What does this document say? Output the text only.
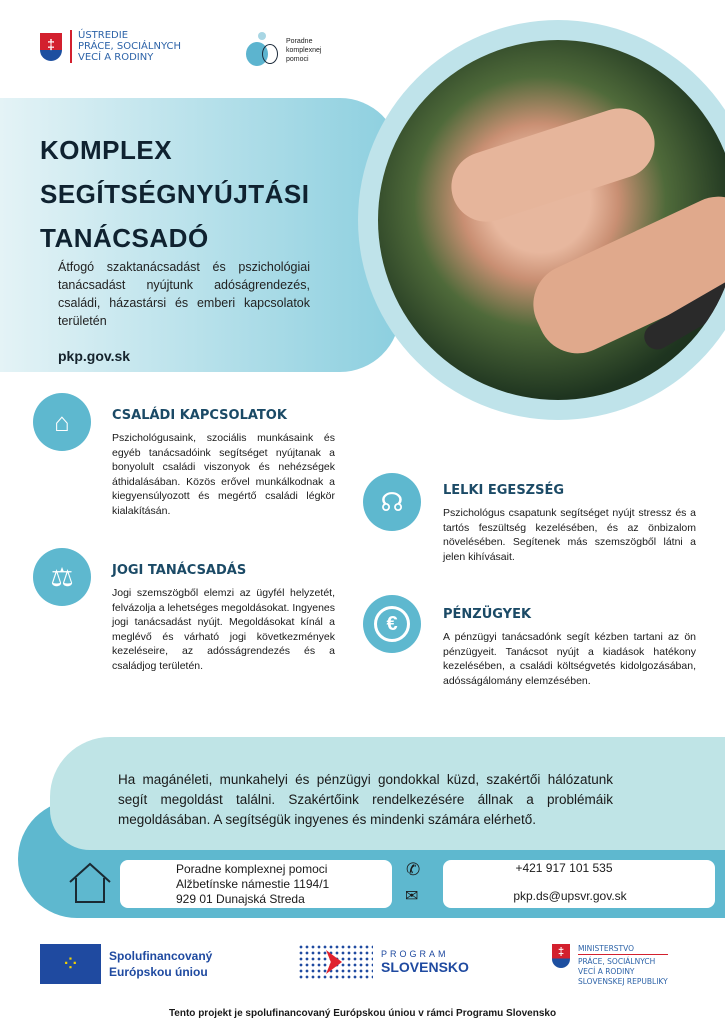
‡	ÚSTREDIE
PRÁCE, SOCIÁLNYCH
VECÍ A RODINY
Poradne
komplexnej
pomoci
KOMPLEX
SEGÍTSÉGNYÚJTÁSI
TANÁCSADÓ
Átfogó szaktanácsadást és pszichológiai tanácsadást nyújtunk adóságrendezés, családi, házastársi és emberi kapcsolatok területén
pkp.gov.sk
⌂	CSALÁDI KAPCSOLATOK

Pszichológusaink, szociális munkásaink és egyéb tanácsadóink segítséget nyújtanak a bonyolult családi viszonyok és nehézségek áthidalásában. Közös erővel munkálkodnak a kiegyensúlyozott és megértő családi légkör kialakításán.

⚖	JOGI TANÁCSADÁS

Jogi szemszögből elemzi az ügyfél helyzetét, felvázolja a lehetséges megoldásokat. Ingyenes jogi tanácsadást nyújt. Megoldásokat kínál a meglévő és várható jogi következmények kezeléseire, az adósságrendezés és a családjog területén.

☊	LELKI EGESZSÉG

Pszichológus csapatunk segítséget nyújt stressz és a tartós feszültség kezelésében, és az önbizalom növelésében. Segítenek más szemszögből látni a jelen kihívásait.

€	PÉNZÜGYEK

A pénzügyi tanácsadónk segít kézben tartani az ön pénzügyeit. Tanácsot nyújt a kiadások hatékony kezelésében, a családi költségvetés kidolgozásában, adósságálomány elemzésében.

Ha magánéleti, munkahelyi és pénzügyi gondokkal küzd, szakértői hálózatunk segít megoldást találni. Szakértőink rendelkezésére állnak a problémáik megoldásában. A segítségük ingyenes és mindenki számára elérhető.
Poradne komplexnej pomoci
Alžbetínske námestie 1194/1
929 01 Dunajská Streda
✆
✉
+421 917 101 535
pkp.ds@upsvr.gov.sk
⁘	Spolufinancovaný
Európskou úniou
PROGRAM
SLOVENSKO
‡	MINISTERSTVO
PRÁCE, SOCIÁLNYCH
VECÍ A RODINY
SLOVENSKEJ REPUBLIKY
Tento projekt je spolufinancovaný Európskou úniou v rámci Programu Slovensko
